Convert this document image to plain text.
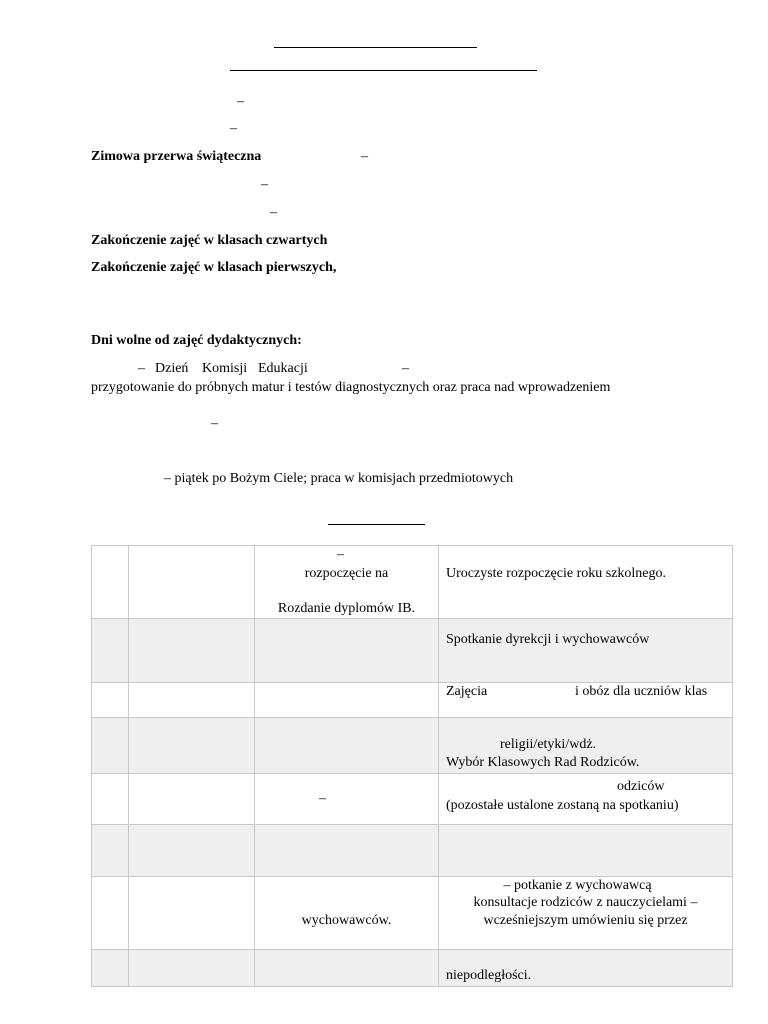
–
–
Zimowa przerwa świąteczna	–
–
–
Zakończenie zajęć w klasach czwartych
Zakończenie zajęć w klasach pierwszych,
Dni wolne od zajęć dydaktycznych:
– Dzień Komisji Edukacji	–
przygotowanie do próbnych matur i testów diagnostycznych oraz praca nad wprowadzeniem
–
– piątek po Bożym Ciele; praca w komisjach przedmiotowych

		–
rozpoczęcie na
Rozdanie dyplomów IB.	Uroczyste rozpoczęcie roku szkolnego.

			Spotkanie dyrekcji i wychowawców

			Zajęcia i obóz dla uczniów klas

			religii/etyki/wdż.
Wybór Klasowych Rad Rodziców.

		–	odziców
(pozostałe ustalone zostaną na spotkaniu)

		wychowawców.	– potkanie z wychowawcą
konsultacje rodziców z nauczycielami –
wcześniejszym umówieniu się przez

			niepodległości.
